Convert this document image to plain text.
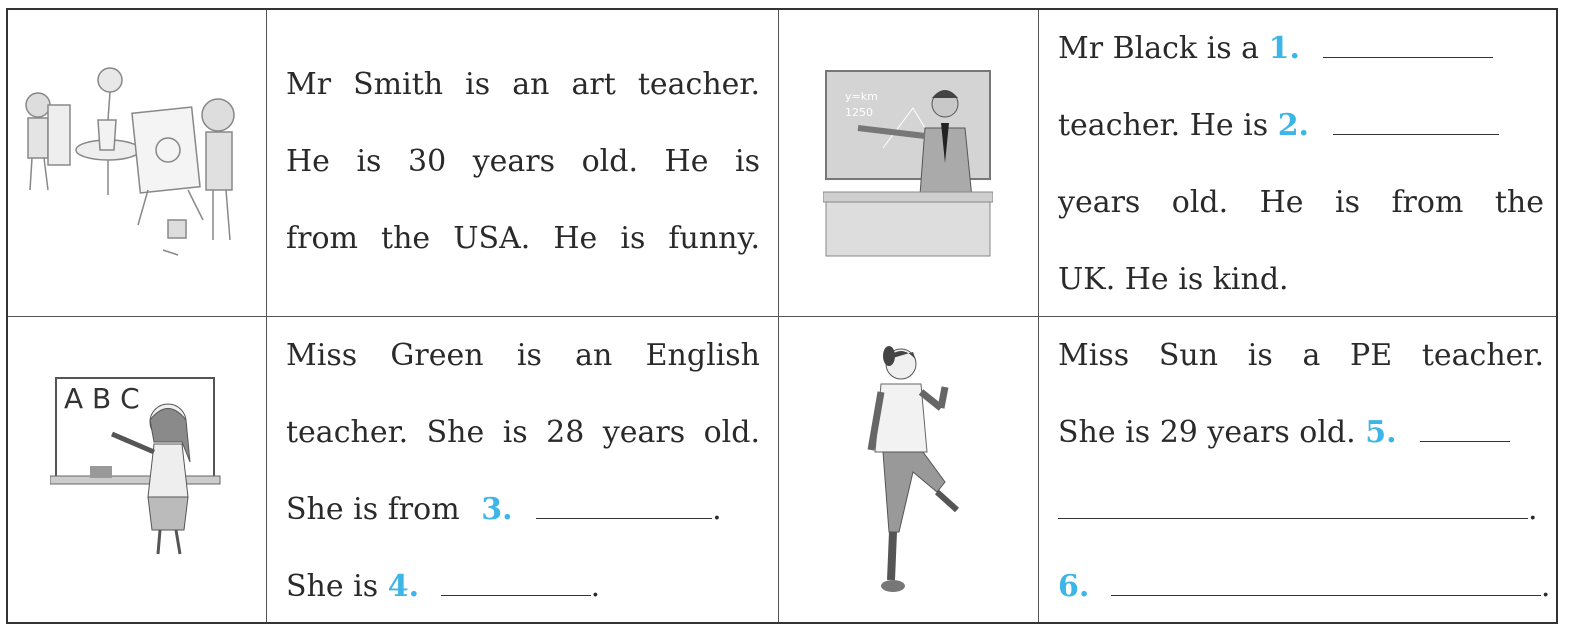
Mr Smith is an art teacher.
He is 30 years old. He is
from the USA. He is funny.
y=km
1250
Mr Black is a 1.
teacher. He is 2.
years old. He is from the
UK. He is kind.
A B C
Miss Green is an English
teacher. She is 28 years old.
She is from 3.	.
She is 4.	.
Miss Sun is a PE teacher.
She is 29 years old. 5.
.
6.	.
